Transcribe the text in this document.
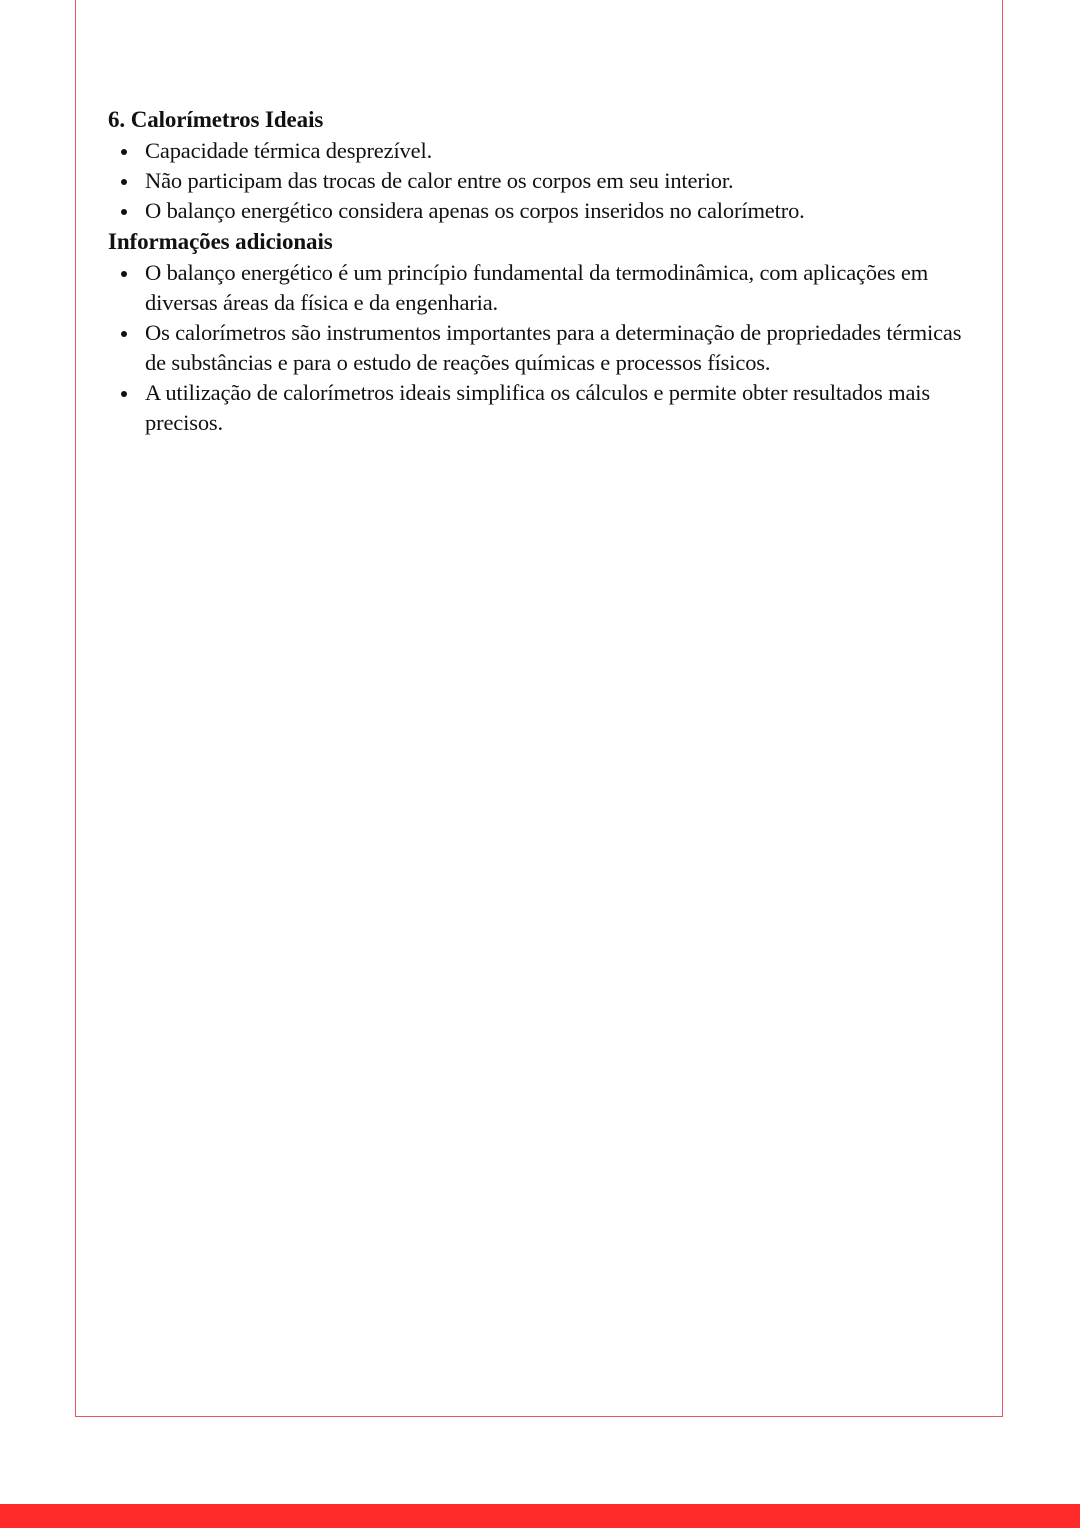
6. Calorímetros Ideais
Capacidade térmica desprezível.
Não participam das trocas de calor entre os corpos em seu interior.
O balanço energético considera apenas os corpos inseridos no calorímetro.
Informações adicionais
O balanço energético é um princípio fundamental da termodinâmica, com aplicações em diversas áreas da física e da engenharia.
Os calorímetros são instrumentos importantes para a determinação de propriedades térmicas de substâncias e para o estudo de reações químicas e processos físicos.
A utilização de calorímetros ideais simplifica os cálculos e permite obter resultados mais precisos.
